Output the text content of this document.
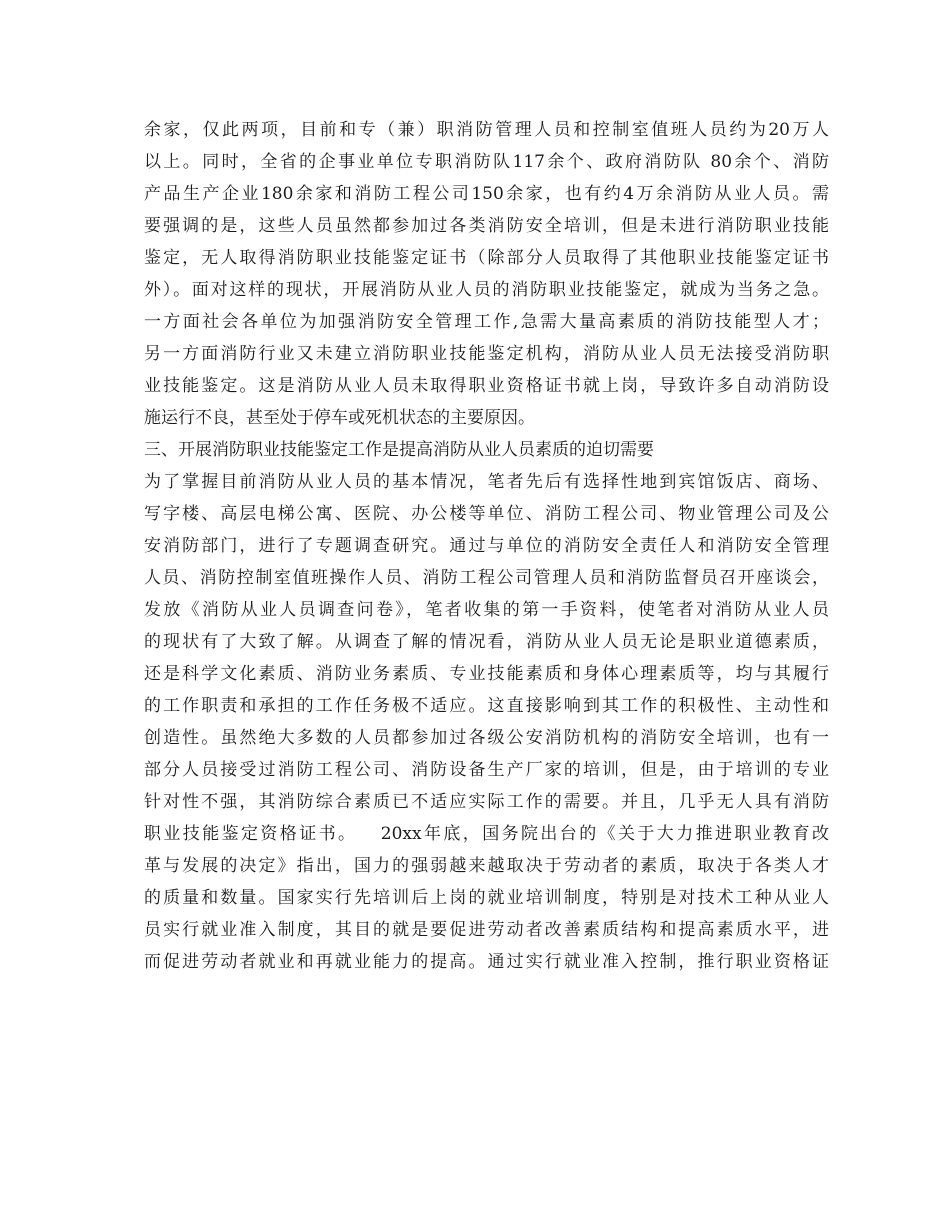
余家，仅此两项，目前和专（兼）职消防管理人员和控制室值班人员约为20万人
以上。同时，全省的企事业单位专职消防队117余个、政府消防队 80余个、消防
产品生产企业180余家和消防工程公司150余家，也有约4万余消防从业人员。需
要强调的是，这些人员虽然都参加过各类消防安全培训，但是未进行消防职业技能
鉴定，无人取得消防职业技能鉴定证书（除部分人员取得了其他职业技能鉴定证书
外）。面对这样的现状，开展消防从业人员的消防职业技能鉴定，就成为当务之急。
一方面社会各单位为加强消防安全管理工作,急需大量高素质的消防技能型人才；
另一方面消防行业又未建立消防职业技能鉴定机构，消防从业人员无法接受消防职
业技能鉴定。这是消防从业人员未取得职业资格证书就上岗，导致许多自动消防设
施运行不良，甚至处于停车或死机状态的主要原因。
三、开展消防职业技能鉴定工作是提高消防从业人员素质的迫切需要
为了掌握目前消防从业人员的基本情况，笔者先后有选择性地到宾馆饭店、商场、
写字楼、高层电梯公寓、医院、办公楼等单位、消防工程公司、物业管理公司及公
安消防部门，进行了专题调查研究。通过与单位的消防安全责任人和消防安全管理
人员、消防控制室值班操作人员、消防工程公司管理人员和消防监督员召开座谈会，
发放《消防从业人员调查问卷》，笔者收集的第一手资料，使笔者对消防从业人员
的现状有了大致了解。从调查了解的情况看，消防从业人员无论是职业道德素质，
还是科学文化素质、消防业务素质、专业技能素质和身体心理素质等，均与其履行
的工作职责和承担的工作任务极不适应。这直接影响到其工作的积极性、主动性和
创造性。虽然绝大多数的人员都参加过各级公安消防机构的消防安全培训，也有一
部分人员接受过消防工程公司、消防设备生产厂家的培训，但是，由于培训的专业
针对性不强，其消防综合素质已不适应实际工作的需要。并且，几乎无人具有消防
职业技能鉴定资格证书。   20xx年底，国务院出台的《关于大力推进职业教育改
革与发展的决定》指出，国力的强弱越来越取决于劳动者的素质，取决于各类人才
的质量和数量。国家实行先培训后上岗的就业培训制度，特别是对技术工种从业人
员实行就业准入制度，其目的就是要促进劳动者改善素质结构和提高素质水平，进
而促进劳动者就业和再就业能力的提高。通过实行就业准入控制，推行职业资格证
